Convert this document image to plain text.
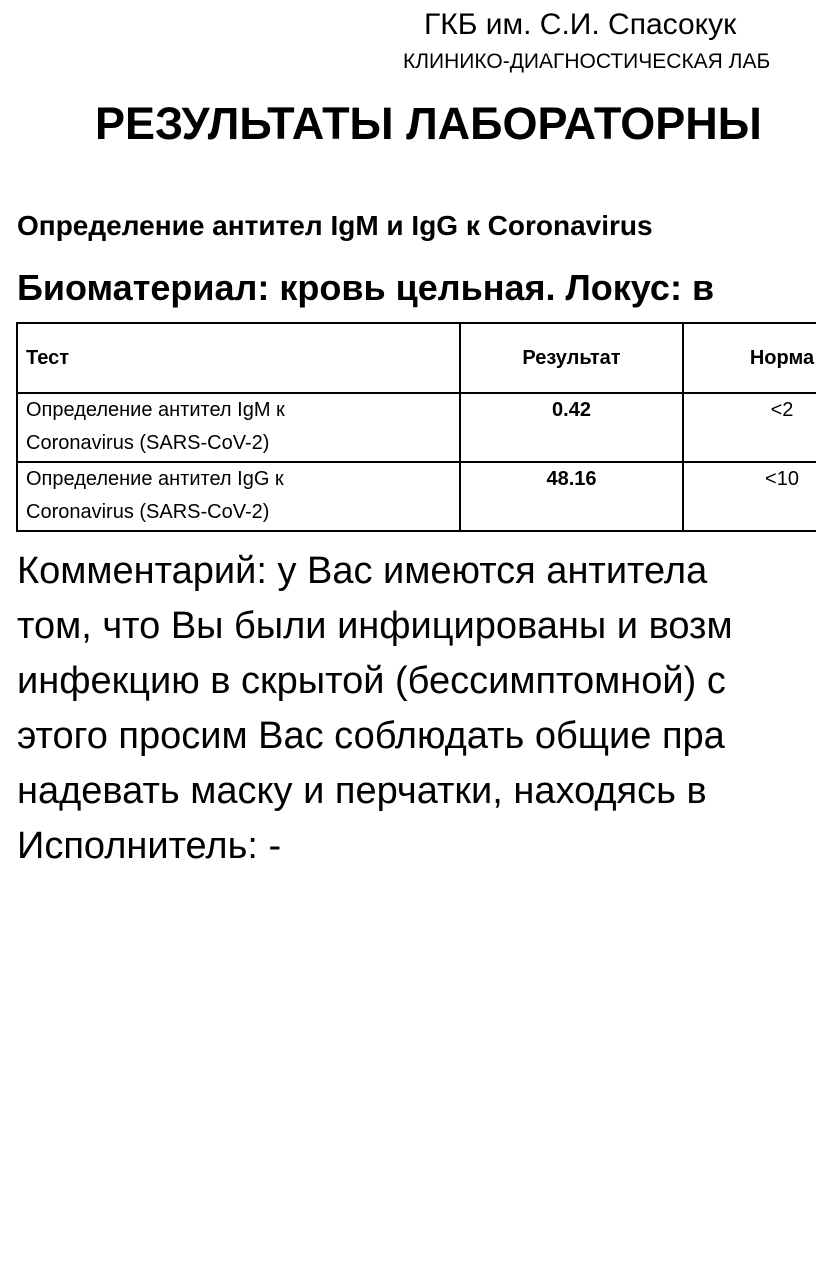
ГКБ им. С.И. Спасокук
КЛИНИКО-ДИАГНОСТИЧЕСКАЯ ЛАБ
РЕЗУЛЬТАТЫ ЛАБОРАТОРНЫ
Определение антител IgM и IgG к Coronavirus
Биоматериал: кровь цельная. Локус: в
Тест	Результат	Норма

Определение антител IgM к
Coronavirus (SARS-CoV-2)	0.42	<2

Определение антител IgG к
Coronavirus (SARS-CoV-2)	48.16	<10
Комментарий: у Вас имеются антитела
том, что Вы были инфицированы и возм
инфекцию в скрытой (бессимптомной) с
этого просим Вас соблюдать общие пра
надевать маску и перчатки, находясь в
Исполнитель: -
